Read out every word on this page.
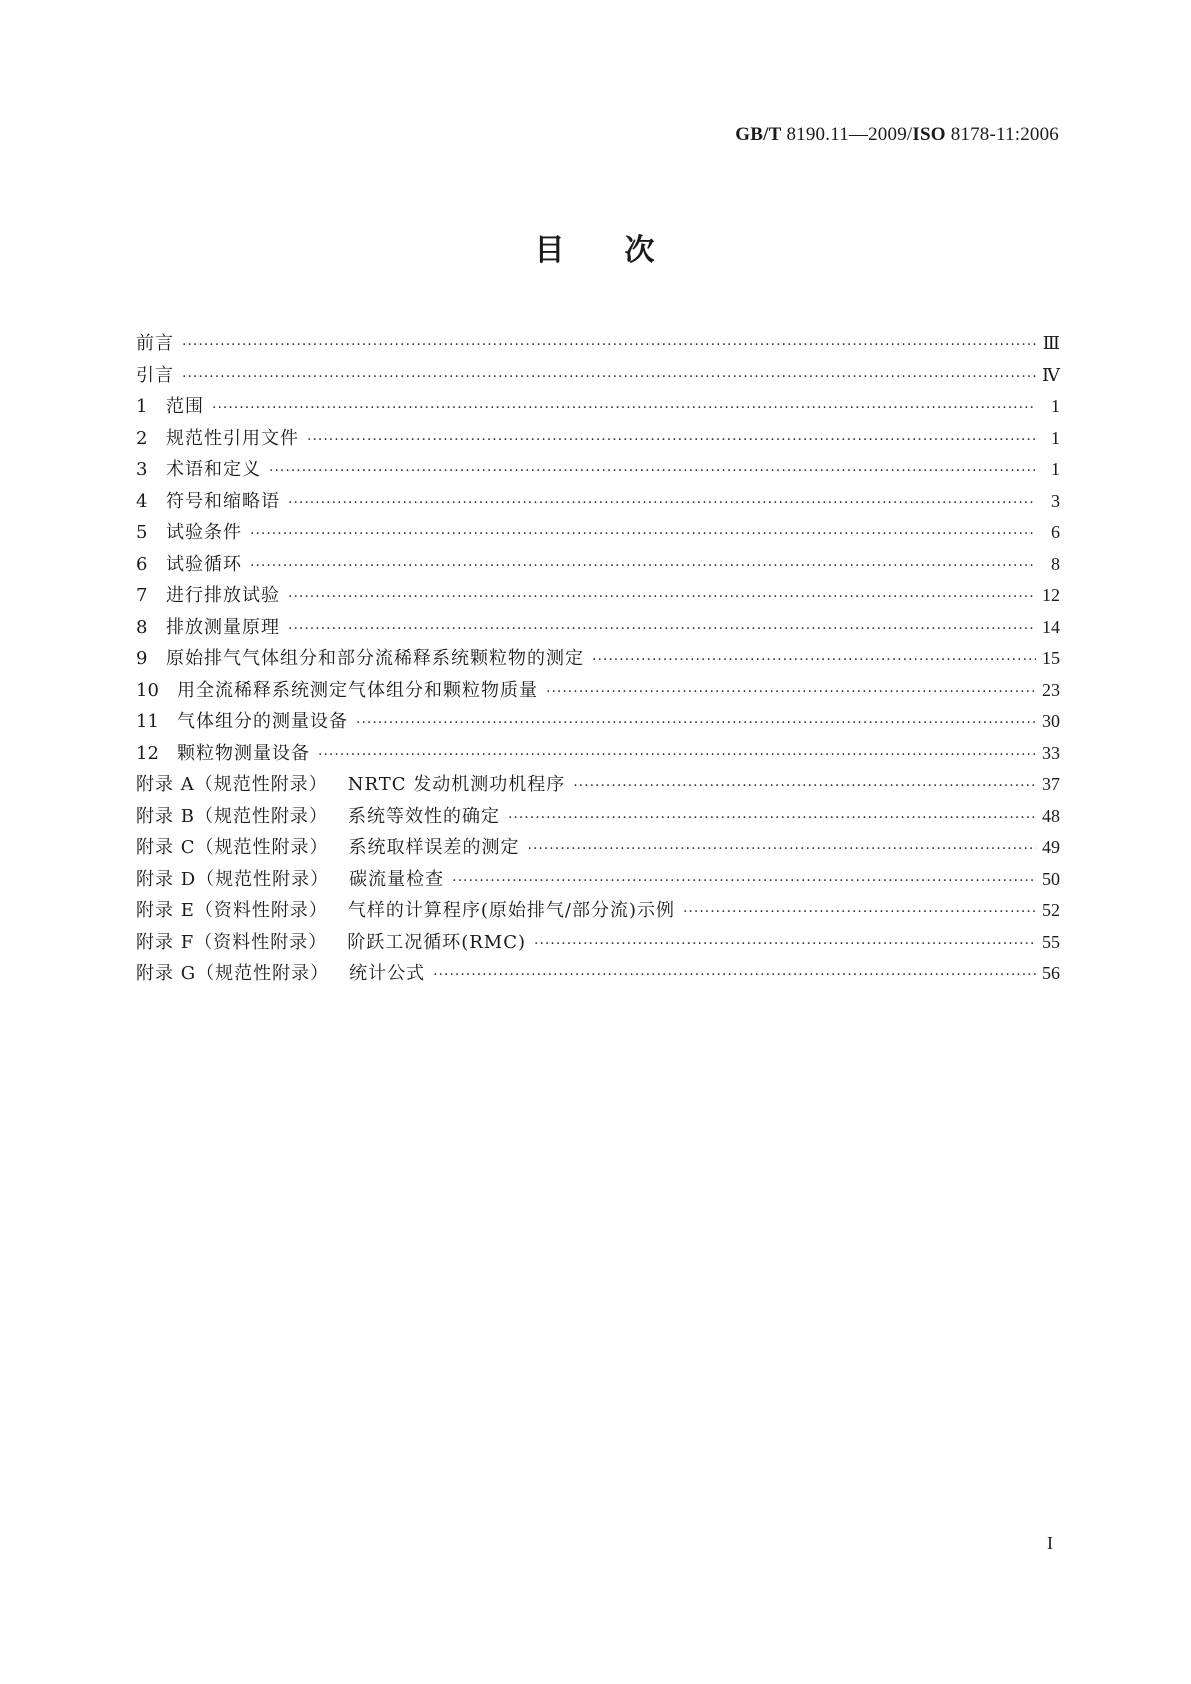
GB/T 8190.11—2009/ISO 8178-11:2006
目 次
前言 ·····	Ⅲ
引言 ·····	Ⅳ
1	范围 ·····	1
2	规范性引用文件 ·····	1
3	术语和定义 ·····	1
4	符号和缩略语 ·····	3
5	试验条件 ·····	6
6	试验循环 ·····	8
7	进行排放试验 ·····	12
8	排放测量原理 ·····	14
9	原始排气气体组分和部分流稀释系统颗粒物的测定 ·····	15
10	用全流稀释系统测定气体组分和颗粒物质量 ·····	23
11	气体组分的测量设备 ·····	30
12	颗粒物测量设备 ·····	33
附录 A（规范性附录） NRTC 发动机测功机程序 ·····	37
附录 B（规范性附录） 系统等效性的确定 ·····	48
附录 C（规范性附录） 系统取样误差的测定 ·····	49
附录 D（规范性附录） 碳流量检查 ·····	50
附录 E（资料性附录） 气样的计算程序(原始排气/部分流)示例 ·····	52
附录 F（资料性附录） 阶跃工况循环(RMC) ·····	55
附录 G（规范性附录） 统计公式 ·····	56
I
